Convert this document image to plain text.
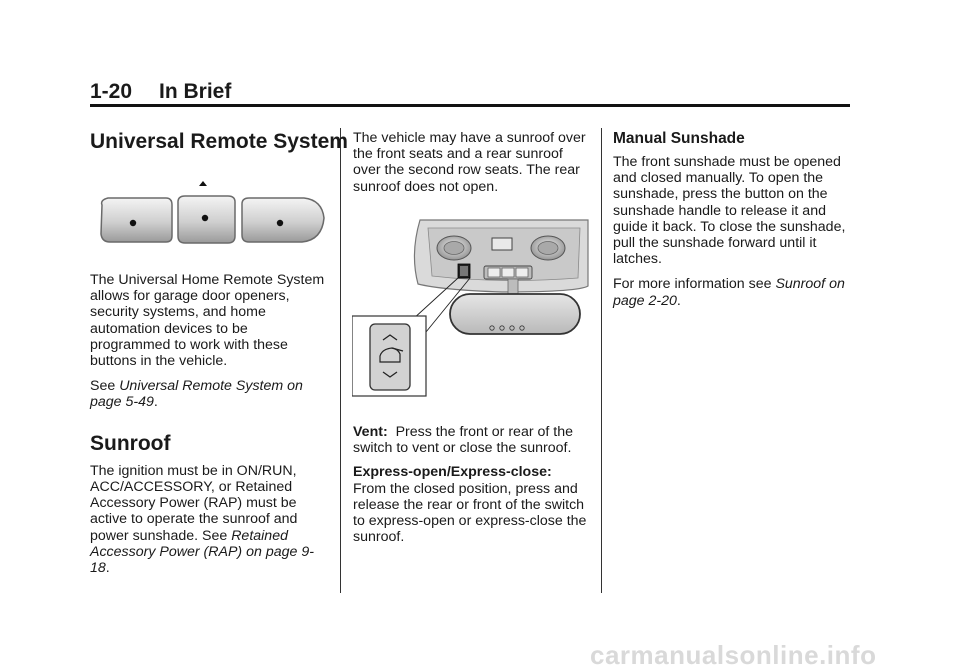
1-20 In Brief
Universal Remote System

The Universal Home Remote System allows for garage door openers, security systems, and home automation devices to be programmed to work with these buttons in the vehicle.

See Universal Remote System on page 5-49.

Sunroof

The ignition must be in ON/RUN, ACC/ACCESSORY, or Retained Accessory Power (RAP) must be active to operate the sunroof and power sunshade. See Retained Accessory Power (RAP) on page 9-18.

The vehicle may have a sunroof over the front seats and a rear sunroof over the second row seats. The rear sunroof does not open.

Vent: Press the front or rear of the switch to vent or close the sunroof.

Express-open/Express-close:
From the closed position, press and release the rear or front of the switch to express-open or express-close the sunroof.

Manual Sunshade

The front sunshade must be opened and closed manually. To open the sunshade, press the button on the sunshade handle to release it and guide it back. To close the sunshade, pull the sunshade forward until it latches.

For more information see Sunroof on page 2-20.

carmanualsonline.info
